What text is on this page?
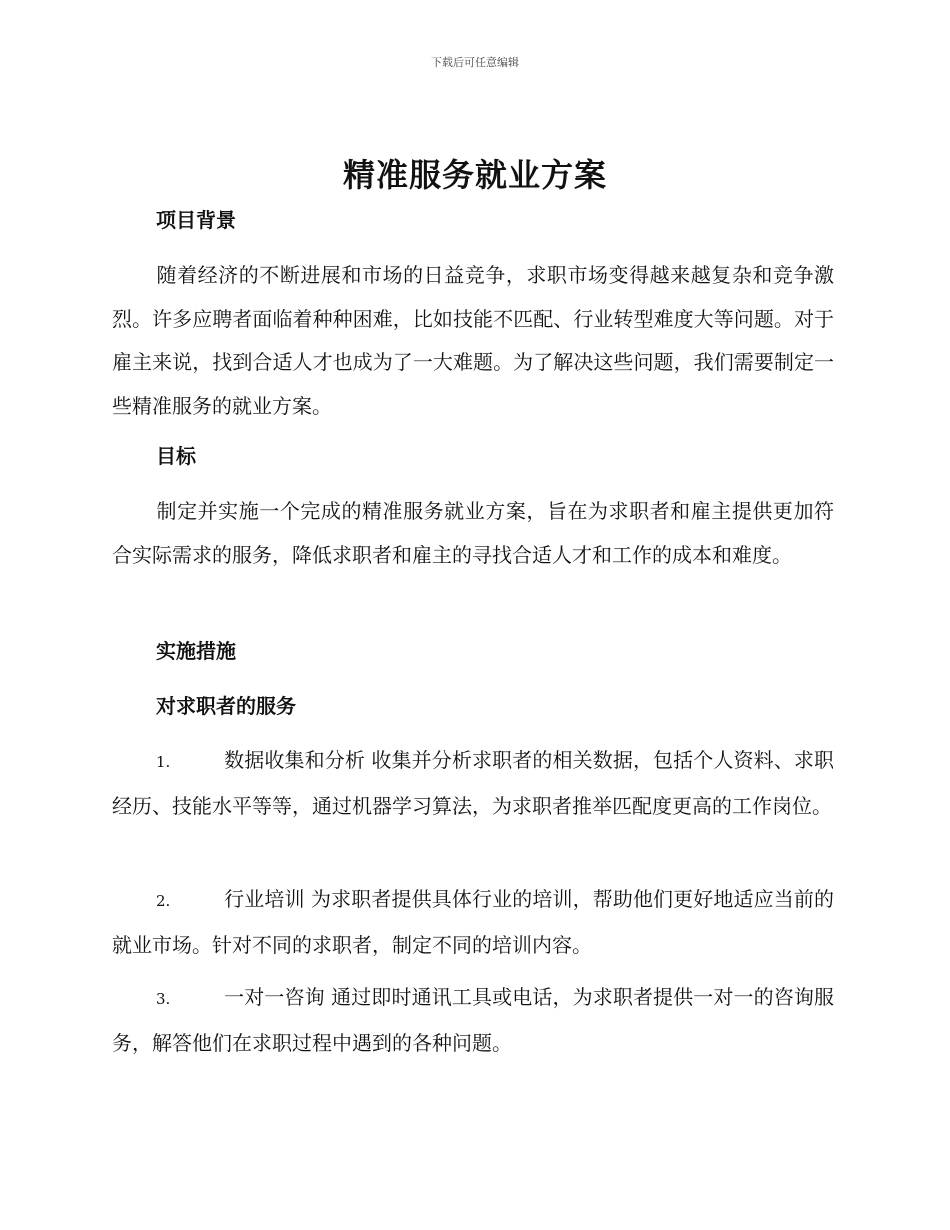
下载后可任意编辑
精准服务就业方案
项目背景
随着经济的不断进展和市场的日益竞争，求职市场变得越来越复杂和竞争激烈。许多应聘者面临着种种困难，比如技能不匹配、行业转型难度大等问题。对于雇主来说，找到合适人才也成为了一大难题。为了解决这些问题，我们需要制定一些精准服务的就业方案。
目标
制定并实施一个完成的精准服务就业方案，旨在为求职者和雇主提供更加符合实际需求的服务，降低求职者和雇主的寻找合适人才和工作的成本和难度。
实施措施
对求职者的服务
1.	数据收集和分析 收集并分析求职者的相关数据，包括个人资料、求职经历、技能水平等等，通过机器学习算法，为求职者推举匹配度更高的工作岗位。
2.	行业培训 为求职者提供具体行业的培训，帮助他们更好地适应当前的就业市场。针对不同的求职者，制定不同的培训内容。
3.	一对一咨询 通过即时通讯工具或电话，为求职者提供一对一的咨询服务，解答他们在求职过程中遇到的各种问题。
